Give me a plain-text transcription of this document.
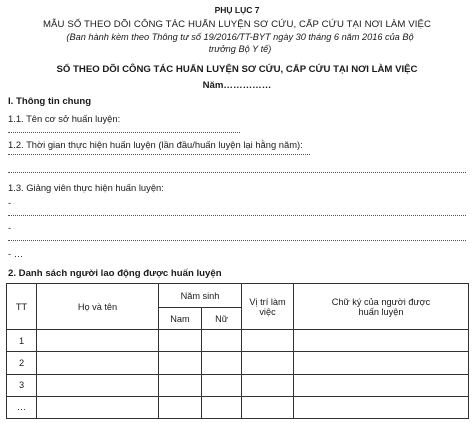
PHỤ LỤC 7
MẪU SỔ THEO DÕI CÔNG TÁC HUẤN LUYỆN SƠ CỨU, CẤP CỨU TẠI NƠI LÀM VIỆC
(Ban hành kèm theo Thông tư số 19/2016/TT-BYT ngày 30 tháng 6 năm 2016 của Bộ
trưởng Bộ Y tế)
SỔ THEO DÕI CÔNG TÁC HUẤN LUYỆN SƠ CỨU, CẤP CỨU TẠI NƠI LÀM VIỆC
Năm……………
I. Thông tin chung
1.1. Tên cơ sở huấn luyện:
1.2. Thời gian thực hiện huấn luyện (lần đầu/huấn luyện lại hằng năm):
1.3. Giảng viên thực hiện huấn luyện:
-
-
- …
2. Danh sách người lao động được huấn luyện
TT	Họ và tên	Năm sinh		Vị trí làm việc	Chữ ký của người được huấn luyện
		Nam	Nữ		
1					
2					
3					
…					
